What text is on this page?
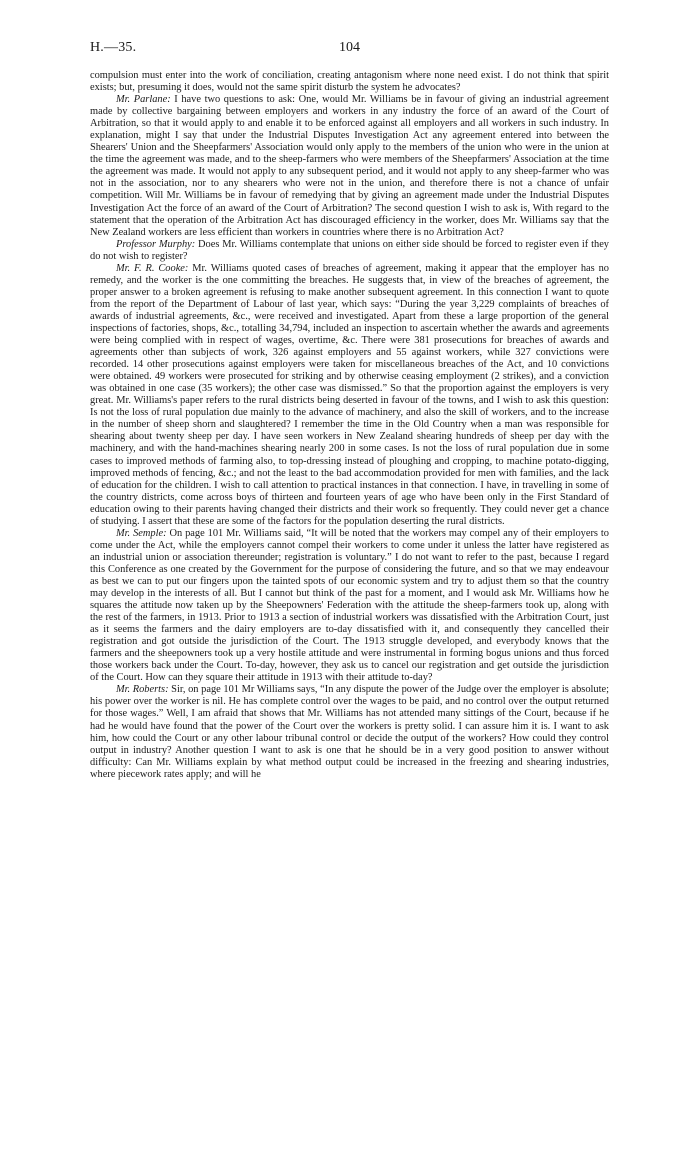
104
H.—35.

compulsion must enter into the work of conciliation, creating antagonism where none need exist. I do not think that spirit exists; but, presuming it does, would not the same spirit disturb the system he advocates?

Mr. Parlane: I have two questions to ask: One, would Mr. Williams be in favour of giving an industrial agreement made by collective bargaining between employers and workers in any industry the force of an award of the Court of Arbitration, so that it would apply to and enable it to be enforced against all employers and all workers in such industry. In explanation, might I say that under the Industrial Disputes Investigation Act any agreement entered into between the Shearers' Union and the Sheepfarmers' Association would only apply to the members of the union who were in the union at the time the agreement was made, and to the sheep-farmers who were members of the Sheepfarmers' Association at the time the agreement was made. It would not apply to any subsequent period, and it would not apply to any sheep-farmer who was not in the association, nor to any shearers who were not in the union, and therefore there is not a chance of unfair competition. Will Mr. Williams be in favour of remedying that by giving an agreement made under the Industrial Disputes Investigation Act the force of an award of the Court of Arbitration? The second question I wish to ask is, With regard to the statement that the operation of the Arbitration Act has discouraged efficiency in the worker, does Mr. Williams say that the New Zealand workers are less efficient than workers in countries where there is no Arbitration Act?

Professor Murphy: Does Mr. Williams contemplate that unions on either side should be forced to register even if they do not wish to register?

Mr. F. R. Cooke: Mr. Williams quoted cases of breaches of agreement, making it appear that the employer has no remedy, and the worker is the one committing the breaches. He suggests that, in view of the breaches of agreement, the proper answer to a broken agreement is refusing to make another subsequent agreement. In this connection I want to quote from the report of the Department of Labour of last year, which says: “During the year 3,229 complaints of breaches of awards of industrial agreements, &c., were received and investigated. Apart from these a large proportion of the general inspections of factories, shops, &c., totalling 34,794, included an inspection to ascertain whether the awards and agreements were being complied with in respect of wages, overtime, &c. There were 381 prosecutions for breaches of awards and agreements other than subjects of work, 326 against employers and 55 against workers, while 327 convictions were recorded. 14 other prosecutions against employers were taken for miscellaneous breaches of the Act, and 10 convictions were obtained. 49 workers were prosecuted for striking and by otherwise ceasing employment (2 strikes), and a conviction was obtained in one case (35 workers); the other case was dismissed.” So that the proportion against the employers is very great. Mr. Williams's paper refers to the rural districts being deserted in favour of the towns, and I wish to ask this question: Is not the loss of rural population due mainly to the advance of machinery, and also the skill of workers, and to the increase in the number of sheep shorn and slaughtered? I remember the time in the Old Country when a man was responsible for shearing about twenty sheep per day. I have seen workers in New Zealand shearing hundreds of sheep per day with the machinery, and with the hand-machines shearing nearly 200 in some cases. Is not the loss of rural population due in some cases to improved methods of farming also, to top-dressing instead of ploughing and cropping, to machine potato-digging, improved methods of fencing, &c.; and not the least to the bad accommodation provided for men with families, and the lack of education for the children. I wish to call attention to practical instances in that connection. I have, in travelling in some of the country districts, come across boys of thirteen and fourteen years of age who have been only in the First Standard of education owing to their parents having changed their districts and their work so frequently. They could never get a chance of studying. I assert that these are some of the factors for the population deserting the rural districts.

Mr. Semple: On page 101 Mr. Williams said, “It will be noted that the workers may compel any of their employers to come under the Act, while the employers cannot compel their workers to come under it unless the latter have registered as an industrial union or association thereunder; registration is voluntary.” I do not want to refer to the past, because I regard this Conference as one created by the Government for the purpose of considering the future, and so that we may endeavour as best we can to put our fingers upon the tainted spots of our economic system and try to adjust them so that the country may develop in the interests of all. But I cannot but think of the past for a moment, and I would ask Mr. Williams how he squares the attitude now taken up by the Sheepowners' Federation with the attitude the sheep-farmers took up, along with the rest of the farmers, in 1913. Prior to 1913 a section of industrial workers was dissatisfied with the Arbitration Court, just as it seems the farmers and the dairy employers are to-day dissatisfied with it, and consequently they cancelled their registration and got outside the jurisdiction of the Court. The 1913 struggle developed, and everybody knows that the farmers and the sheepowners took up a very hostile attitude and were instrumental in forming bogus unions and thus forced those workers back under the Court. To-day, however, they ask us to cancel our registration and get outside the jurisdiction of the Court. How can they square their attitude in 1913 with their attitude to-day?

Mr. Roberts: Sir, on page 101 Mr Williams says, “In any dispute the power of the Judge over the employer is absolute; his power over the worker is nil. He has complete control over the wages to be paid, and no control over the output returned for those wages.” Well, I am afraid that shows that Mr. Williams has not attended many sittings of the Court, because if he had he would have found that the power of the Court over the workers is pretty solid. I can assure him it is. I want to ask him, how could the Court or any other labour tribunal control or decide the output of the workers? How could they control output in industry? Another question I want to ask is one that he should be in a very good position to answer without difficulty: Can Mr. Williams explain by what method output could be increased in the freezing and shearing industries, where piecework rates apply; and will he
